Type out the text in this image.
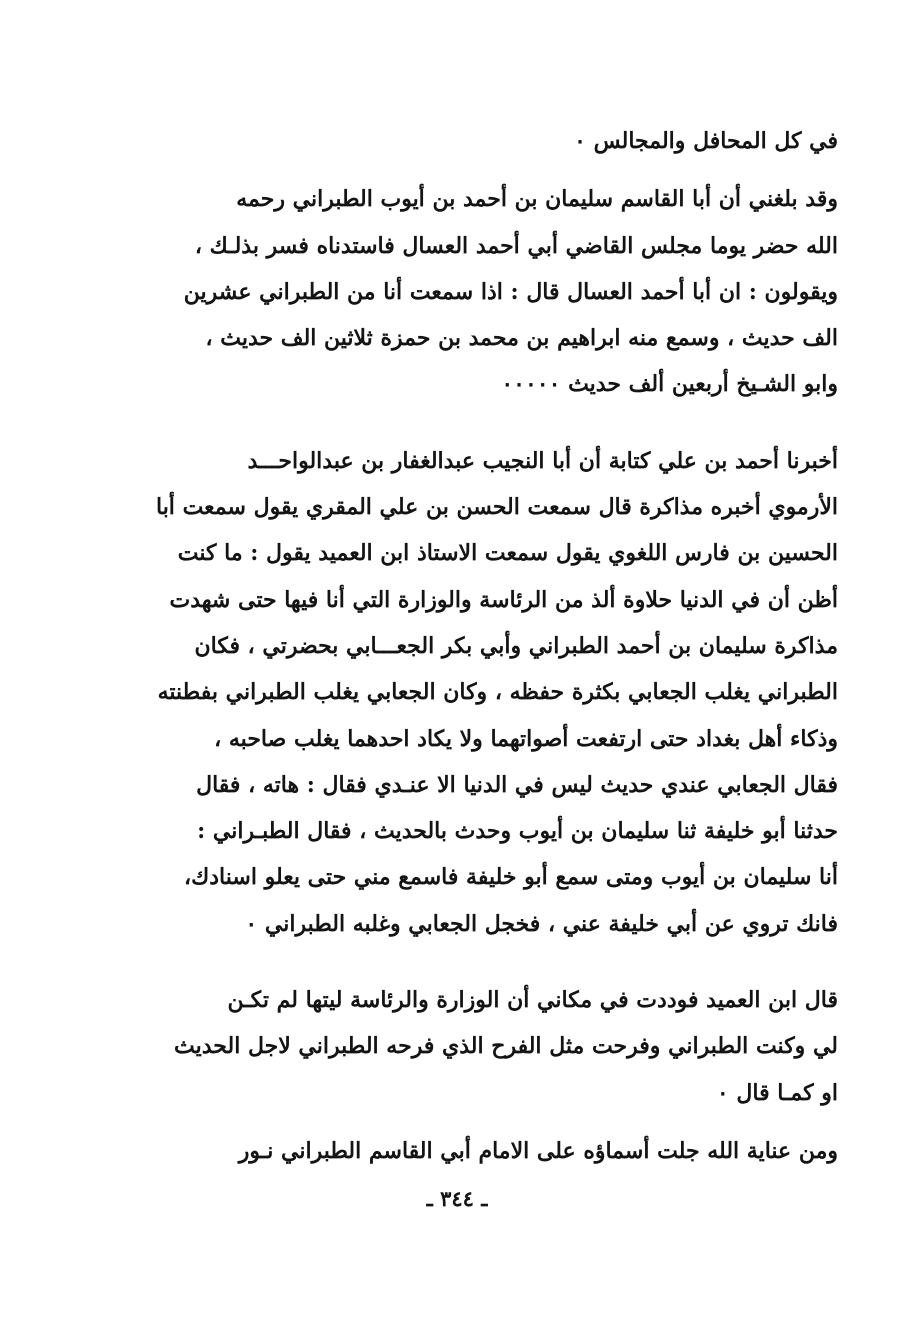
في كل المحافل والمجالس ٠
وقد بلغني أن أبا القاسم سليمان بن أحمد بن أيوب الطبراني رحمه
الله حضر يوما مجلس القاضي أبي أحمد العسال فاستدناه فسر بذلـك ،
ويقولون : ان أبا أحمد العسال قال : اذا سمعت أنا من الطبراني عشرين
الف حديث ، وسمع منه ابراهيم بن محمد بن حمزة ثلاثين الف حديث ،
وابو الشـيخ أربعين ألف حديث ٠٠٠٠٠
أخبرنا أحمد بن علي كتابة أن أبا النجيب عبدالغفار بن عبدالواحـــد
الأرموي أخبره مذاكرة قال سمعت الحسن بن علي المقري يقول سمعت أبا
الحسين بن فارس اللغوي يقول سمعت الاستاذ ابن العميد يقول : ما كنت
أظن أن في الدنيا حلاوة ألذ من الرئاسة والوزارة التي أنا فيها حتى شهدت
مذاكرة سليمان بن أحمد الطبراني وأبي بكر الجعـــابي بحضرتي ، فكان
الطبراني يغلب الجعابي بكثرة حفظه ، وكان الجعابي يغلب الطبراني بفطنته
وذكاء أهل بغداد حتى ارتفعت أصواتهما ولا يكاد احدهما يغلب صاحبه ،
فقال الجعابي عندي حديث ليس في الدنيا الا عنـدي فقال : هاته ، فقال
حدثنا أبو خليفة ثنا سليمان بن أيوب وحدث بالحديث ، فقال الطبـراني :
أنا سليمان بن أيوب ومتى سمع أبو خليفة فاسمع مني حتى يعلو اسنادك،
فانك تروي عن أبي خليفة عني ، فخجل الجعابي وغلبه الطبراني ٠
قال ابن العميد فوددت في مكاني أن الوزارة والرئاسة ليتها لم تكـن
لي وكنت الطبراني وفرحت مثل الفرح الذي فرحه الطبراني لاجل الحديث
او كمـا قال ٠
ومن عناية الله جلت أسماؤه على الامام أبي القاسم الطبراني نـور
ـ ٣٤٤ ـ
